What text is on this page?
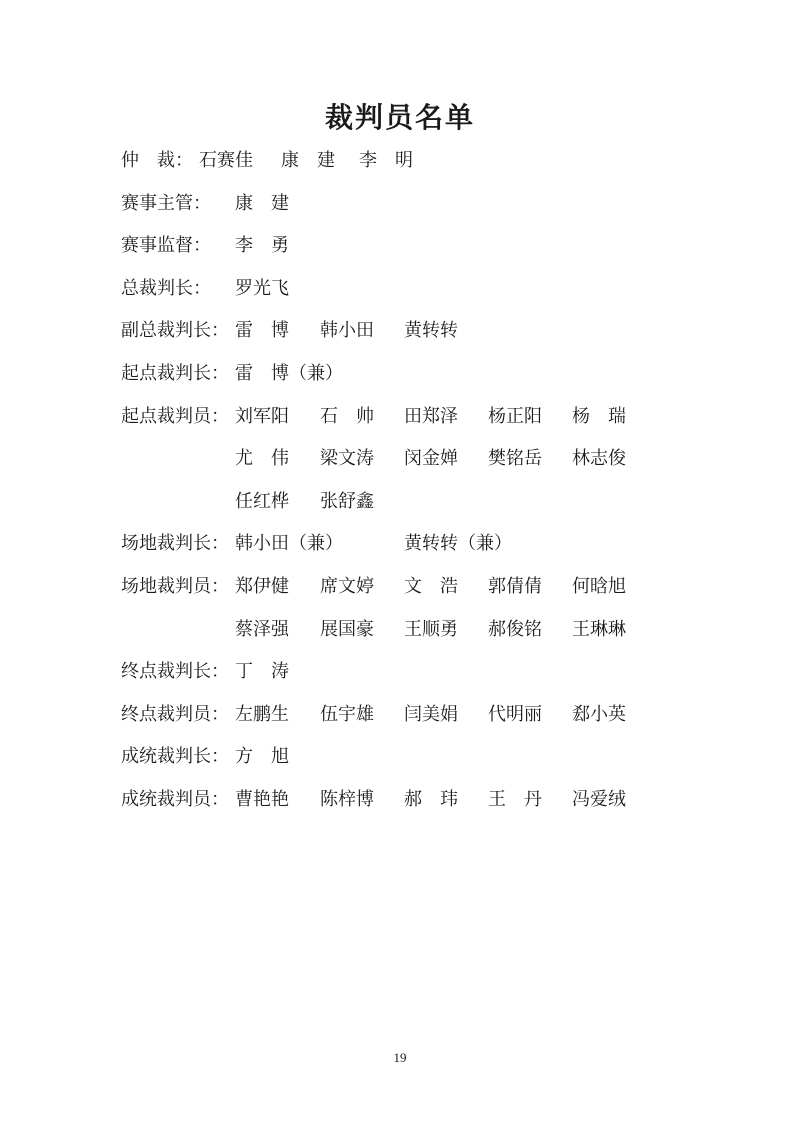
裁判员名单
仲　裁： 石赛佳 康　建 李　明
赛事主管： 康　建
赛事监督： 李　勇
总裁判长： 罗光飞
副总裁判长： 雷　博 韩小田 黄转转
起点裁判长： 雷　博（兼）
起点裁判员： 刘军阳 石　帅 田郑泽 杨正阳 杨　瑞
尤　伟 梁文涛 闵金婵 樊铭岳 林志俊
任红桦 张舒鑫
场地裁判长： 韩小田（兼）	黄转转（兼）
场地裁判员： 郑伊健 席文婷 文　浩 郭倩倩 何晗旭
蔡泽强 展国豪 王顺勇 郝俊铭 王琳琳
终点裁判长： 丁　涛
终点裁判员： 左鹏生 伍宇雄 闫美娟 代明丽 郄小英
成统裁判长： 方　旭
成统裁判员： 曹艳艳 陈梓博 郝　玮 王　丹 冯爱绒
19
